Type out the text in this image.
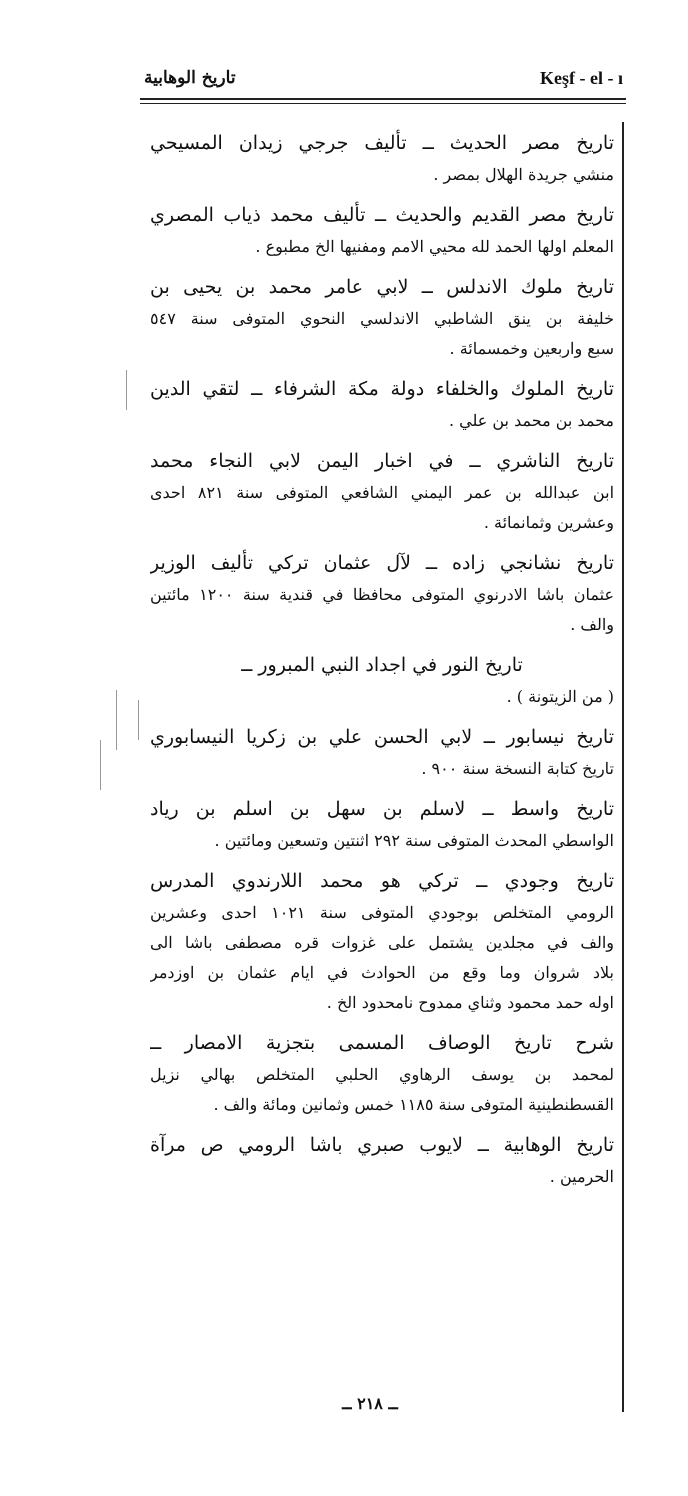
تاريخ الوهابية	Keşf - el - ı
تاريخ مصر الحديث ــ تأليف جرجي زيدان المسيحي
منشي جريدة الهلال بمصر .
تاريخ مصر القديم والحديث ــ تأليف محمد ذياب المصري
المعلم اولها الحمد لله محيي الامم ومفنيها الخ مطبوع .
تاريخ ملوك الاندلس ــ لابي عامر محمد بن يحيى بن
خليفة بن ينق الشاطبي الاندلسي النحوي المتوفى سنة ٥٤٧
سبع واربعين وخمسمائة .
تاريخ الملوك والخلفاء دولة مكة الشرفاء ــ لتقي الدين
محمد بن محمد بن علي .
تاريخ الناشري ــ في اخبار اليمن لابي النجاء محمد
ابن عبدالله بن عمر اليمني الشافعي المتوفى سنة ٨٢١ احدى
وعشرين وثمانمائة .
تاريخ نشانجي زاده ــ لآل عثمان تركي تأليف الوزير
عثمان باشا الادرنوي المتوفى محافظا في قندية سنة ١٢٠٠ مائتين
والف .
تاريخ النور في اجداد النبي المبرور ــ
( من الزيتونة ) .
تاريخ نيسابور ــ لابي الحسن علي بن زكريا النيسابوري
تاريخ كتابة النسخة سنة ٩٠٠ .
تاريخ واسط ــ لاسلم بن سهل بن اسلم بن رياد
الواسطي المحدث المتوفى سنة ٢٩٢ اثنتين وتسعين ومائتين .
تاريخ وجودي ــ تركي هو محمد اللارندوي المدرس
الرومي المتخلص بوجودي المتوفى سنة ١٠٢١ احدى وعشرين
والف في مجلدين يشتمل على غزوات قره مصطفى باشا الى
بلاد شروان وما وقع من الحوادث في ايام عثمان بن اوزدمر
اوله حمد محمود وثناي ممدوح نامحدود الخ .
شرح تاريخ الوصاف المسمى بتجزية الامصار ــ
لمحمد بن يوسف الرهاوي الحلبي المتخلص بهالي نزيل
القسطنطينية المتوفى سنة ١١٨٥ خمس وثمانين ومائة والف .
تاريخ الوهابية ــ لايوب صبري باشا الرومي ص مرآة
الحرمين .
ــ ٢١٨ ــ
